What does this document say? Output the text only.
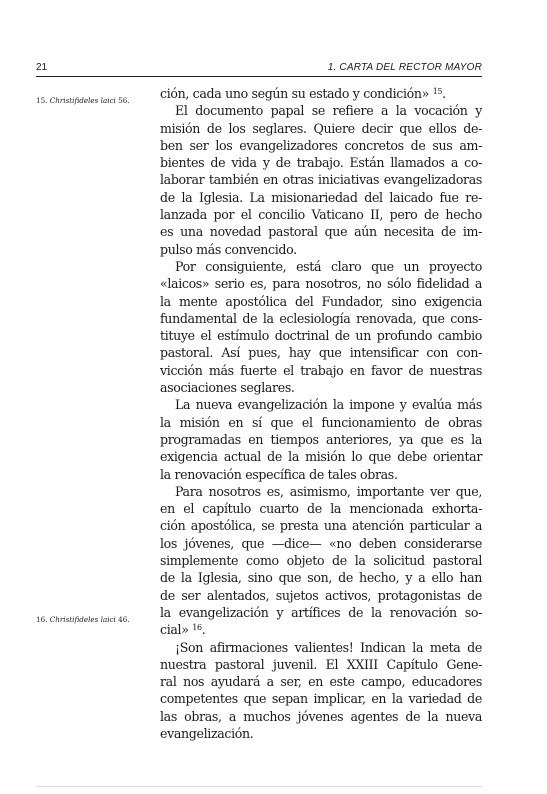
21	1. CARTA DEL RECTOR MAYOR
15. Christifideles laici 56.
16. Christifideles laici 46.
ción, cada uno según su estado y condición» $^{15}$.
El documento papal se refiere a la vocación y
misión de los seglares. Quiere decir que ellos de-
ben ser los evangelizadores concretos de sus am-
bientes de vida y de trabajo. Están llamados a co-
laborar también en otras iniciativas evangelizadoras
de la Iglesia. La misionariedad del laicado fue re-
lanzada por el concilio Vaticano II, pero de hecho
es una novedad pastoral que aún necesita de im-
pulso más convencido.
Por consiguiente, está claro que un proyecto
«laicos» serio es, para nosotros, no sólo fidelidad a
la mente apostólica del Fundador, sino exigencia
fundamental de la eclesiología renovada, que cons-
tituye el estímulo doctrinal de un profundo cambio
pastoral. Así pues, hay que intensificar con con-
vicción más fuerte el trabajo en favor de nuestras
asociaciones seglares.
La nueva evangelización la impone y evalúa más
la misión en sí que el funcionamiento de obras
programadas en tiempos anteriores, ya que es la
exigencia actual de la misión lo que debe orientar
la renovación específica de tales obras.
Para nosotros es, asimismo, importante ver que,
en el capítulo cuarto de la mencionada exhorta-
ción apostólica, se presta una atención particular a
los jóvenes, que —dice— «no deben considerarse
simplemente como objeto de la solicitud pastoral
de la Iglesia, sino que son, de hecho, y a ello han
de ser alentados, sujetos activos, protagonistas de
la evangelización y artífices de la renovación so-
cial» $^{16}$.
¡Son afirmaciones valientes! Indican la meta de
nuestra pastoral juvenil. El XXIII Capítulo Gene-
ral nos ayudará a ser, en este campo, educadores
competentes que sepan implicar, en la variedad de
las obras, a muchos jóvenes agentes de la nueva
evangelización.
